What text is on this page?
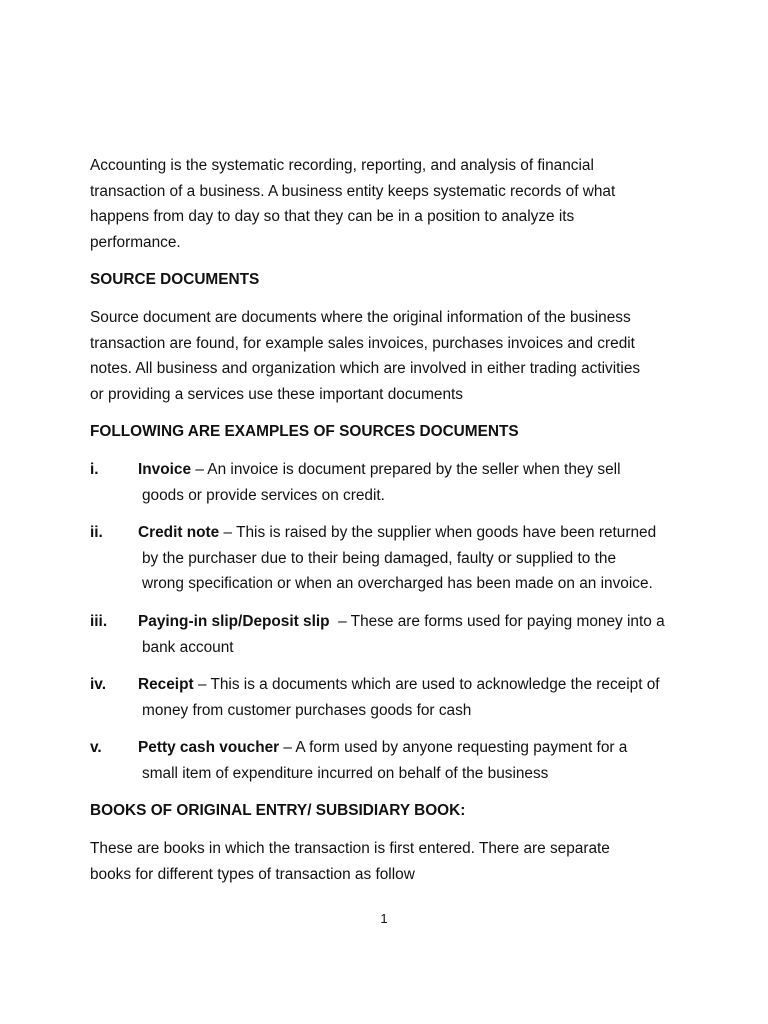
Accounting is the systematic recording, reporting, and analysis of financial
transaction of a business. A business entity keeps systematic records of what
happens from day to day so that they can be in a position to analyze its
performance.

SOURCE DOCUMENTS

Source document are documents where the original information of the business
transaction are found, for example sales invoices, purchases invoices and credit
notes. All business and organization which are involved in either trading activities
or providing a services use these important documents

FOLLOWING ARE EXAMPLES OF SOURCES DOCUMENTS

i.	Invoice – An invoice is document prepared by the seller when they sell
goods or provide services on credit.
ii. Credit note – This is raised by the supplier when goods have been returned
by the purchaser due to their being damaged, faulty or supplied to the
wrong specification or when an overcharged has been made on an invoice.
iii. Paying-in slip/Deposit slip  – These are forms used for paying money into a
bank account
iv. Receipt – This is a documents which are used to acknowledge the receipt of
money from customer purchases goods for cash
v. Petty cash voucher – A form used by anyone requesting payment for a
small item of expenditure incurred on behalf of the business

BOOKS OF ORIGINAL ENTRY/ SUBSIDIARY BOOK:

These are books in which the transaction is first entered. There are separate
books for different types of transaction as follow

1
